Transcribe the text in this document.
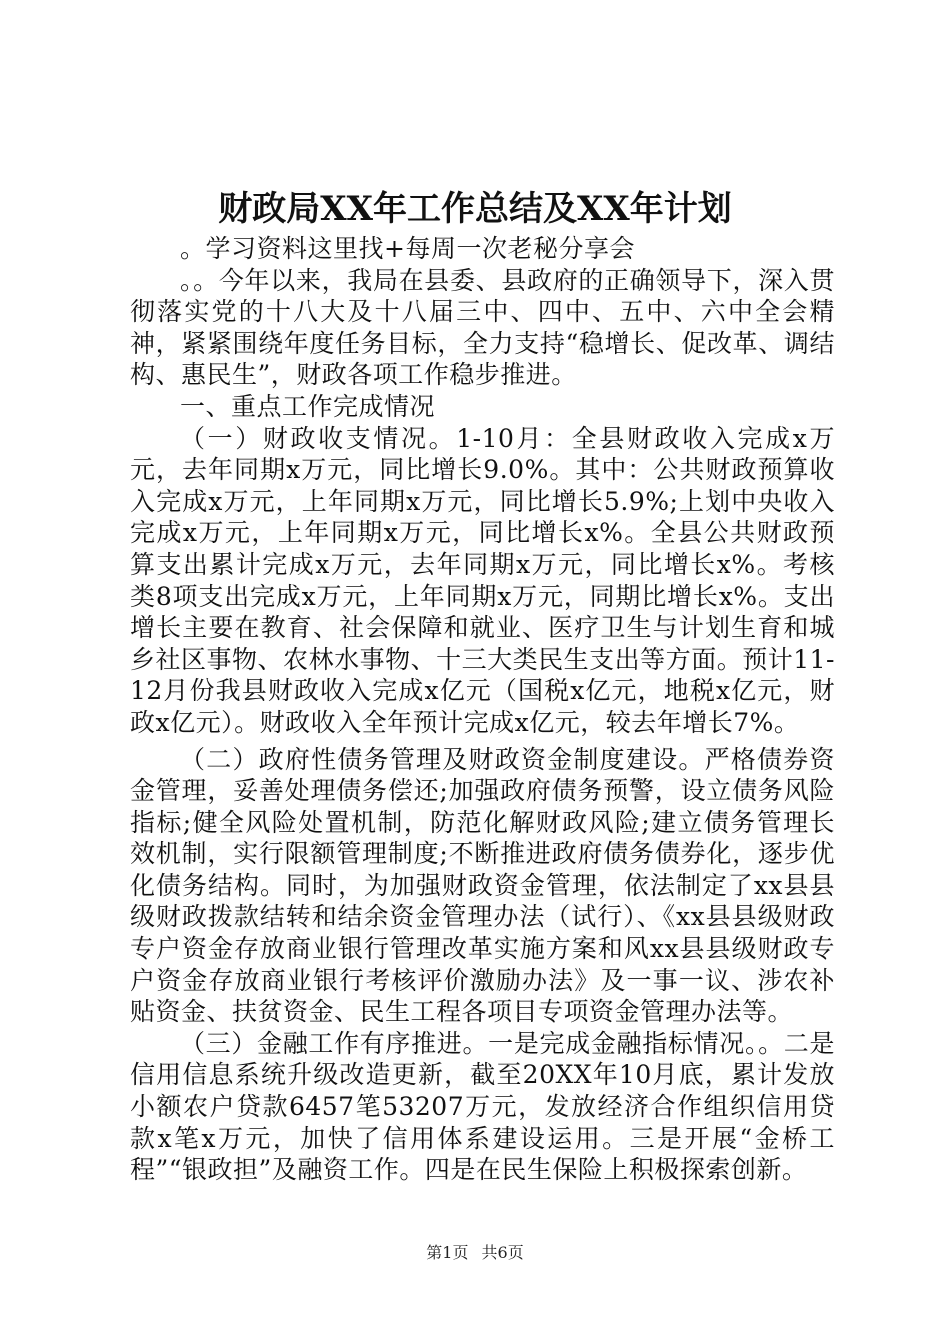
财政局XX年工作总结及XX年计划

。学习资料这里找+每周一次老秘分享会

。。今年以来，我局在县委、县政府的正确领导下，深入贯彻落实党的十八大及十八届三中、四中、五中、六中全会精神，紧紧围绕年度任务目标，全力支持“稳增长、促改革、调结构、惠民生”，财政各项工作稳步推进。

一、重点工作完成情况

（一）财政收支情况。1-10月：全县财政收入完成x万元，去年同期x万元，同比增长9.0%。其中：公共财政预算收入完成x万元，上年同期x万元，同比增长5.9%;上划中央收入完成x万元，上年同期x万元，同比增长x%。全县公共财政预算支出累计完成x万元，去年同期x万元，同比增长x%。考核类8项支出完成x万元，上年同期x万元，同期比增长x%。支出增长主要在教育、社会保障和就业、医疗卫生与计划生育和城乡社区事物、农林水事物、十三大类民生支出等方面。预计11-12月份我县财政收入完成x亿元（国税x亿元，地税x亿元，财政x亿元）。财政收入全年预计完成x亿元，较去年增长7%。

（二）政府性债务管理及财政资金制度建设。严格债券资金管理，妥善处理债务偿还;加强政府债务预警，设立债务风险指标;健全风险处置机制，防范化解财政风险;建立债务管理长效机制，实行限额管理制度;不断推进政府债务债券化，逐步优化债务结构。同时，为加强财政资金管理，依法制定了xx县县级财政拨款结转和结余资金管理办法（试行）、《xx县县级财政专户资金存放商业银行管理改革实施方案和风xx县县级财政专户资金存放商业银行考核评价激励办法》及一事一议、涉农补贴资金、扶贫资金、民生工程各项目专项资金管理办法等。

（三）金融工作有序推进。一是完成金融指标情况。。二是信用信息系统升级改造更新，截至20XX年10月底，累计发放小额农户贷款6457笔53207万元，发放经济合作组织信用贷款x笔x万元，加快了信用体系建设运用。三是开展“金桥工程”“银政担”及融资工作。四是在民生保险上积极探索创新。

第1页 共6页
